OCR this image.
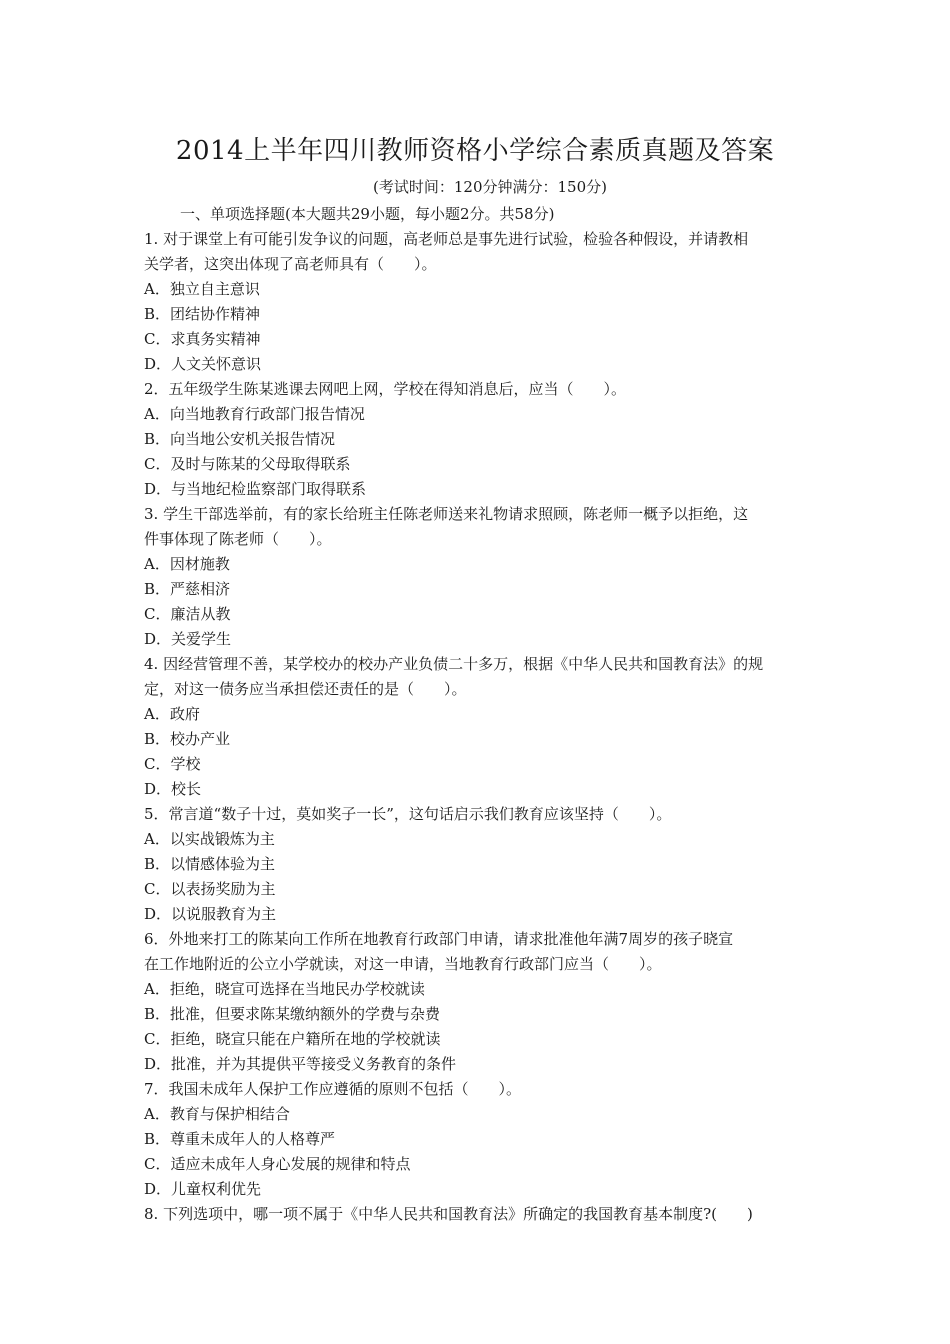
2014上半年四川教师资格小学综合素质真题及答案
(考试时间：120分钟满分：150分)
一、单项选择题(本大题共29小题，每小题2分。共58分)
1. 对于课堂上有可能引发争议的问题，高老师总是事先进行试验，检验各种假设，并请教相
关学者，这突出体现了高老师具有（　　）。
A．独立自主意识
B．团结协作精神
C．求真务实精神
D．人文关怀意识
2．五年级学生陈某逃课去网吧上网，学校在得知消息后，应当（　　）。
A．向当地教育行政部门报告情况
B．向当地公安机关报告情况
C．及时与陈某的父母取得联系
D．与当地纪检监察部门取得联系
3. 学生干部选举前，有的家长给班主任陈老师送来礼物请求照顾，陈老师一概予以拒绝，这
件事体现了陈老师（　　）。
A．因材施教
B．严慈相济
C．廉洁从教
D．关爱学生
4. 因经营管理不善，某学校办的校办产业负债二十多万，根据《中华人民共和国教育法》的规
定，对这一债务应当承担偿还责任的是（　　）。
A．政府
B．校办产业
C．学校
D．校长
5．常言道“数子十过，莫如奖子一长”，这句话启示我们教育应该坚持（　　）。
A．以实战锻炼为主
B．以情感体验为主
C．以表扬奖励为主
D．以说服教育为主
6．外地来打工的陈某向工作所在地教育行政部门申请，请求批准他年满7周岁的孩子晓宣
在工作地附近的公立小学就读，对这一申请，当地教育行政部门应当（　　）。
A．拒绝，晓宣可选择在当地民办学校就读
B．批准，但要求陈某缴纳额外的学费与杂费
C．拒绝，晓宣只能在户籍所在地的学校就读
D．批准，并为其提供平等接受义务教育的条件
7．我国未成年人保护工作应遵循的原则不包括（　　）。
A．教育与保护相结合
B．尊重未成年人的人格尊严
C．适应未成年人身心发展的规律和特点
D．儿童权利优先
8. 下列选项中，哪一项不属于《中华人民共和国教育法》所确定的我国教育基本制度?(　　)
